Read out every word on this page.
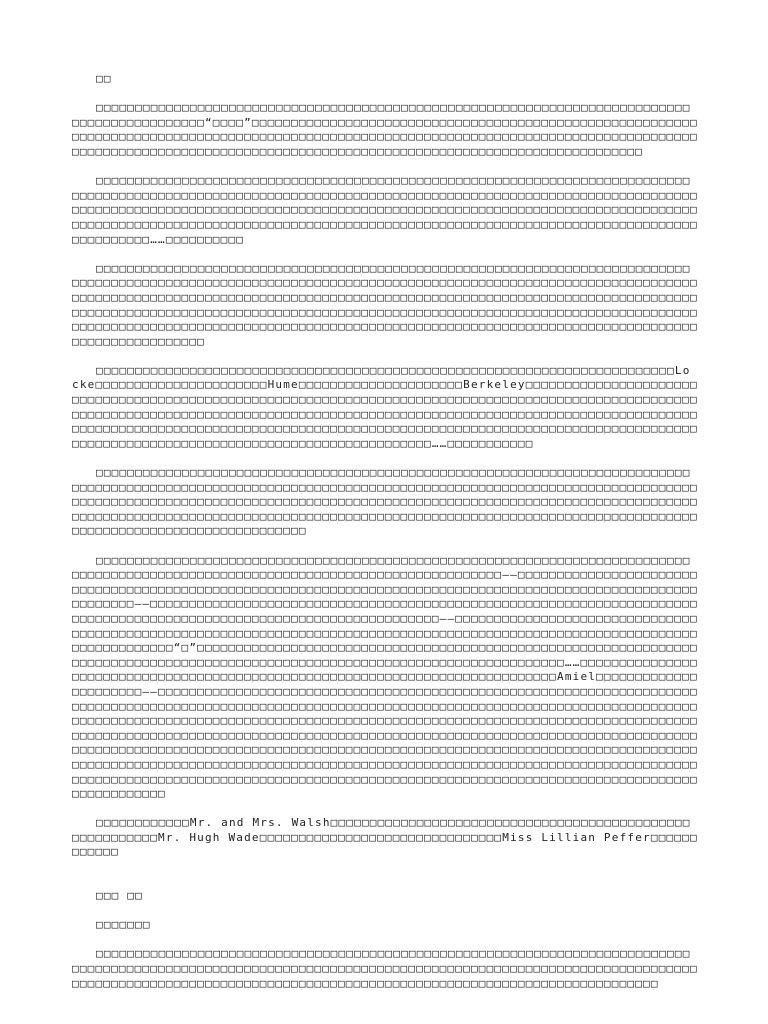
□□

□□□□□□□□□□□□□□□□□□□□□□□□□□□□□□□□□□□□□□□□□□□□□□□□□□□□□□□□□□□□□□□□□□□□□□□□□□□□□□□□□□□□□□□□□□□□□“□□□□”□□□□□□□□□□□□□□□□□□□□□□□□□□□□□□□□□□□□□□□□□□□□□□□□□□□□□□□□□□□□□□□□□□□□□□□□□□□□□□□□□□□□□□□□□□□□□□□□□□□□□□□□□□□□□□□□□□□□□□□□□□□□□□□□□□□□□□□□□□□□□□□□□□□□□□□□□□□□□□□□□□□□□□□□□□□□□□□□□□□□□□□□□□□□□□□□□□□□□□□□□□□□□□□□□□

□□□□□□□□□□□□□□□□□□□□□□□□□□□□□□□□□□□□□□□□□□□□□□□□□□□□□□□□□□□□□□□□□□□□□□□□□□□□□□□□□□□□□□□□□□□□□□□□□□□□□□□□□□□□□□□□□□□□□□□□□□□□□□□□□□□□□□□□□□□□□□□□□□□□□□□□□□□□□□□□□□□□□□□□□□□□□□□□□□□□□□□□□□□□□□□□□□□□□□□□□□□□□□□□□□□□□□□□□□□□□□□□□□□□□□□□□□□□□□□□□□□□□□□□□□□□□□□□□□□□□□□□□□□□□□□□□□□□□□□□□□□□□□□□□□□□□□□□□□□□□□□□□□□□□□□□□□□□□□□□□□□□□□……□□□□□□□□□□

□□□□□□□□□□□□□□□□□□□□□□□□□□□□□□□□□□□□□□□□□□□□□□□□□□□□□□□□□□□□□□□□□□□□□□□□□□□□□□□□□□□□□□□□□□□□□□□□□□□□□□□□□□□□□□□□□□□□□□□□□□□□□□□□□□□□□□□□□□□□□□□□□□□□□□□□□□□□□□□□□□□□□□□□□□□□□□□□□□□□□□□□□□□□□□□□□□□□□□□□□□□□□□□□□□□□□□□□□□□□□□□□□□□□□□□□□□□□□□□□□□□□□□□□□□□□□□□□□□□□□□□□□□□□□□□□□□□□□□□□□□□□□□□□□□□□□□□□□□□□□□□□□□□□□□□□□□□□□□□□□□□□□□□□□□□□□□□□□□□□□□□□□□□□□□□□□□□□□□□□□□□□□□□□□□□□□□□□□□□□□□□□□□□□□□□□□□□□□□□□□□□□□□□□□□□□□

□□□□□□□□□□□□□□□□□□□□□□□□□□□□□□□□□□□□□□□□□□□□□□□□□□□□□□□□□□□□□□□□□□□□□□□□□□Locke□□□□□□□□□□□□□□□□□□□□□□Hume□□□□□□□□□□□□□□□□□□□□□Berkeley□□□□□□□□□□□□□□□□□□□□□□□□□□□□□□□□□□□□□□□□□□□□□□□□□□□□□□□□□□□□□□□□□□□□□□□□□□□□□□□□□□□□□□□□□□□□□□□□□□□□□□□□□□□□□□□□□□□□□□□□□□□□□□□□□□□□□□□□□□□□□□□□□□□□□□□□□□□□□□□□□□□□□□□□□□□□□□□□□□□□□□□□□□□□□□□□□□□□□□□□□□□□□□□□□□□□□□□□□□□□□□□□□□□□□□□□□□□□□□□□□□□□□□□□□□□□□□□□□□□□□□□□□□□□□□□□□□□□□□□□□□□□□□□□□□□□□□□□□□□□□□□□□□□□……□□□□□□□□□□□

□□□□□□□□□□□□□□□□□□□□□□□□□□□□□□□□□□□□□□□□□□□□□□□□□□□□□□□□□□□□□□□□□□□□□□□□□□□□□□□□□□□□□□□□□□□□□□□□□□□□□□□□□□□□□□□□□□□□□□□□□□□□□□□□□□□□□□□□□□□□□□□□□□□□□□□□□□□□□□□□□□□□□□□□□□□□□□□□□□□□□□□□□□□□□□□□□□□□□□□□□□□□□□□□□□□□□□□□□□□□□□□□□□□□□□□□□□□□□□□□□□□□□□□□□□□□□□□□□□□□□□□□□□□□□□□□□□□□□□□□□□□□□□□□□□□□□□□□□□□□□□□□□□□□□□□□□□□□□□□□□□□□□□□□□□□□□□□□□□□□□□□□□□

□□□□□□□□□□□□□□□□□□□□□□□□□□□□□□□□□□□□□□□□□□□□□□□□□□□□□□□□□□□□□□□□□□□□□□□□□□□□□□□□□□□□□□□□□□□□□□□□□□□□□□□□□□□□□□□□□□□□□□□□□□□□□□□□□□□——□□□□□□□□□□□□□□□□□□□□□□□□□□□□□□□□□□□□□□□□□□□□□□□□□□□□□□□□□□□□□□□□□□□□□□□□□□□□□□□□□□□□□□□□□□□□□□□□□□□□□□□□□□□□□□□——□□□□□□□□□□□□□□□□□□□□□□□□□□□□□□□□□□□□□□□□□□□□□□□□□□□□□□□□□□□□□□□□□□□□□□□□□□□□□□□□□□□□□□□□□□□□□□□□□□□□□□□□□□□□□□□□□□□□□——□□□□□□□□□□□□□□□□□□□□□□□□□□□□□□□□□□□□□□□□□□□□□□□□□□□□□□□□□□□□□□□□□□□□□□□□□□□□□□□□□□□□□□□□□□□□□□□□□□□□□□□□□□□□□□□□□□□□□□□□□□□□“□”□□□□□□□□□□□□□□□□□□□□□□□□□□□□□□□□□□□□□□□□□□□□□□□□□□□□□□□□□□□□□□□□□□□□□□□□□□□□□□□□□□□□□□□□□□□□□□□□□□□□□□□□□□□□□□□□□□□□□□□□□□□□□□□……□□□□□□□□□□□□□□□□□□□□□□□□□□□□□□□□□□□□□□□□□□□□□□□□□□□□□□□□□□□□□□□□□□□□□□□□□□□□□Amiel□□□□□□□□□□□□□□□□□□□□□□——□□□□□□□□□□□□□□□□□□□□□□□□□□□□□□□□□□□□□□□□□□□□□□□□□□□□□□□□□□□□□□□□□□□□□□□□□□□□□□□□□□□□□□□□□□□□□□□□□□□□□□□□□□□□□□□□□□□□□□□□□□□□□□□□□□□□□□□□□□□□□□□□□□□□□□□□□□□□□□□□□□□□□□□□□□□□□□□□□□□□□□□□□□□□□□□□□□□□□□□□□□□□□□□□□□□□□□□□□□□□□□□□□□□□□□□□□□□□□□□□□□□□□□□□□□□□□□□□□□□□□□□□□□□□□□□□□□□□□□□□□□□□□□□□□□□□□□□□□□□□□□□□□□□□□□□□□□□□□□□□□□□□□□□□□□□□□□□□□□□□□□□□□□□□□□□□□□□□□□□□□□□□□□□□□□□□□□□□□□□□□□□□□□□□□□□□□□□□□□□□□□□□□□□□□□□□□□□□□□□□□□□□□□□□□□□□□□□□□□□□□□□□□□□□□□□□□□□□□□□□□□□□□□□□□□□□□□□□□□□□□□□□□□□□□□□□□□□□□□□□□□□□□□□□□□□□□□□□□□□□□□□□□□□□□□□□□□□□□□□□□□□□□□□□□□□□□□□□□□□□□

□□□□□□□□□□□□Mr. and Mrs. Walsh□□□□□□□□□□□□□□□□□□□□□□□□□□□□□□□□□□□□□□□□□□□□□□□□□□□□□□□□□Mr. Hugh Wade□□□□□□□□□□□□□□□□□□□□□□□□□□□□□□□Miss Lillian Peffer□□□□□□□□□□□□

□□□ □□
□□□□□□□

□□□□□□□□□□□□□□□□□□□□□□□□□□□□□□□□□□□□□□□□□□□□□□□□□□□□□□□□□□□□□□□□□□□□□□□□□□□□□□□□□□□□□□□□□□□□□□□□□□□□□□□□□□□□□□□□□□□□□□□□□□□□□□□□□□□□□□□□□□□□□□□□□□□□□□□□□□□□□□□□□□□□□□□□□□□□□□□□□□□□□□□□□□□□□□□□□□□□□□□□□□□□□□□□□□□□□□□□□□□□□□□□□□□□□□□
